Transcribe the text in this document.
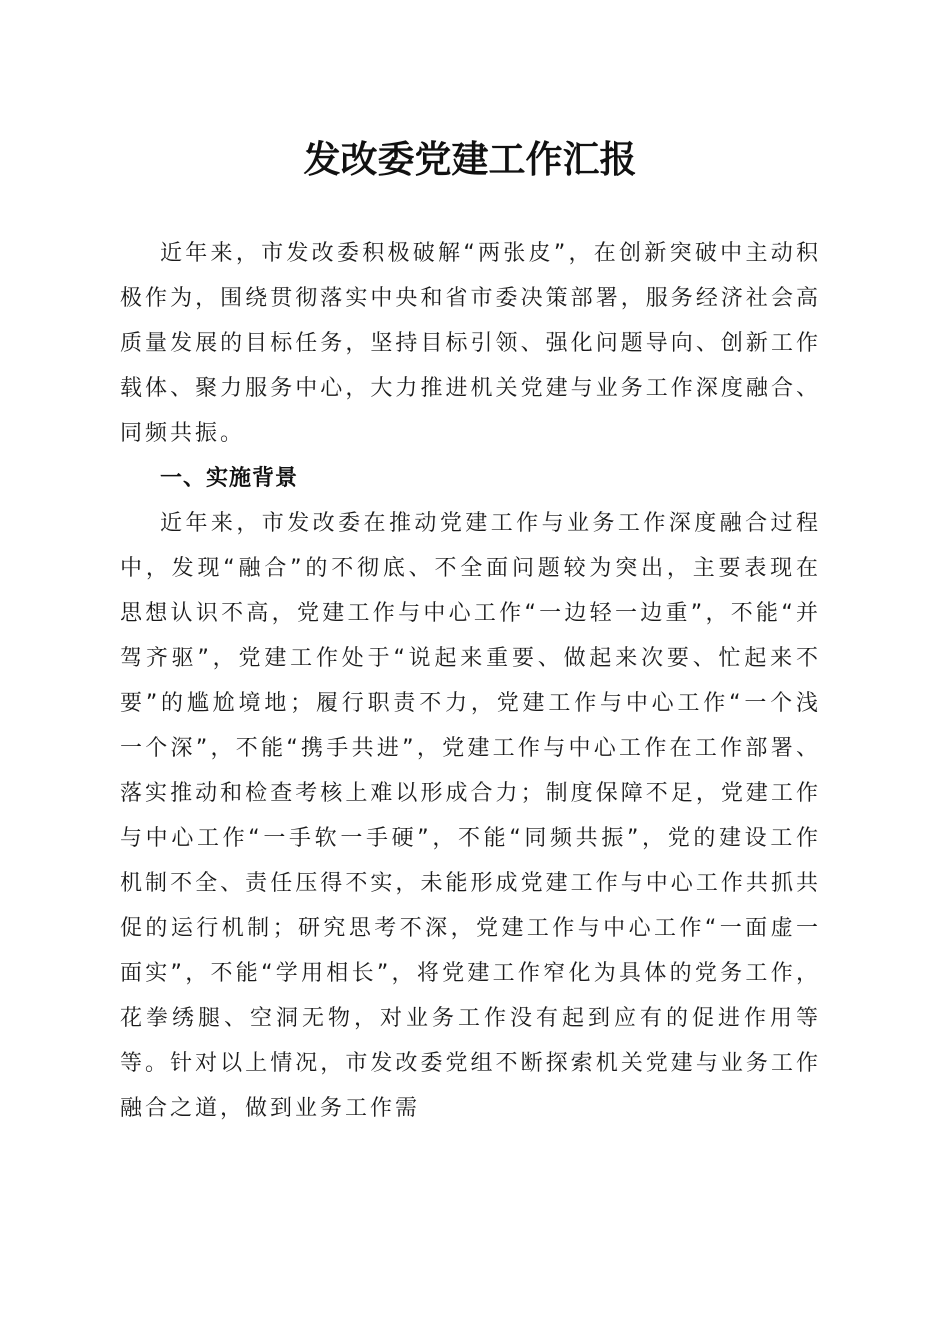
发改委党建工作汇报

近年来，市发改委积极破解“两张皮”，在创新突破中主动积极作为，围绕贯彻落实中央和省市委决策部署，服务经济社会高质量发展的目标任务，坚持目标引领、强化问题导向、创新工作载体、聚力服务中心，大力推进机关党建与业务工作深度融合、同频共振。

一、实施背景

近年来，市发改委在推动党建工作与业务工作深度融合过程中，发现“融合”的不彻底、不全面问题较为突出，主要表现在思想认识不高，党建工作与中心工作“一边轻一边重”，不能“并驾齐驱”，党建工作处于“说起来重要、做起来次要、忙起来不要”的尴尬境地；履行职责不力，党建工作与中心工作“一个浅一个深”，不能“携手共进”，党建工作与中心工作在工作部署、落实推动和检查考核上难以形成合力；制度保障不足，党建工作与中心工作“一手软一手硬”，不能“同频共振”，党的建设工作机制不全、责任压得不实，未能形成党建工作与中心工作共抓共促的运行机制；研究思考不深，党建工作与中心工作“一面虚一面实”，不能“学用相长”，将党建工作窄化为具体的党务工作，花拳绣腿、空洞无物，对业务工作没有起到应有的促进作用等等。针对以上情况，市发改委党组不断探索机关党建与业务工作融合之道，做到业务工作需
